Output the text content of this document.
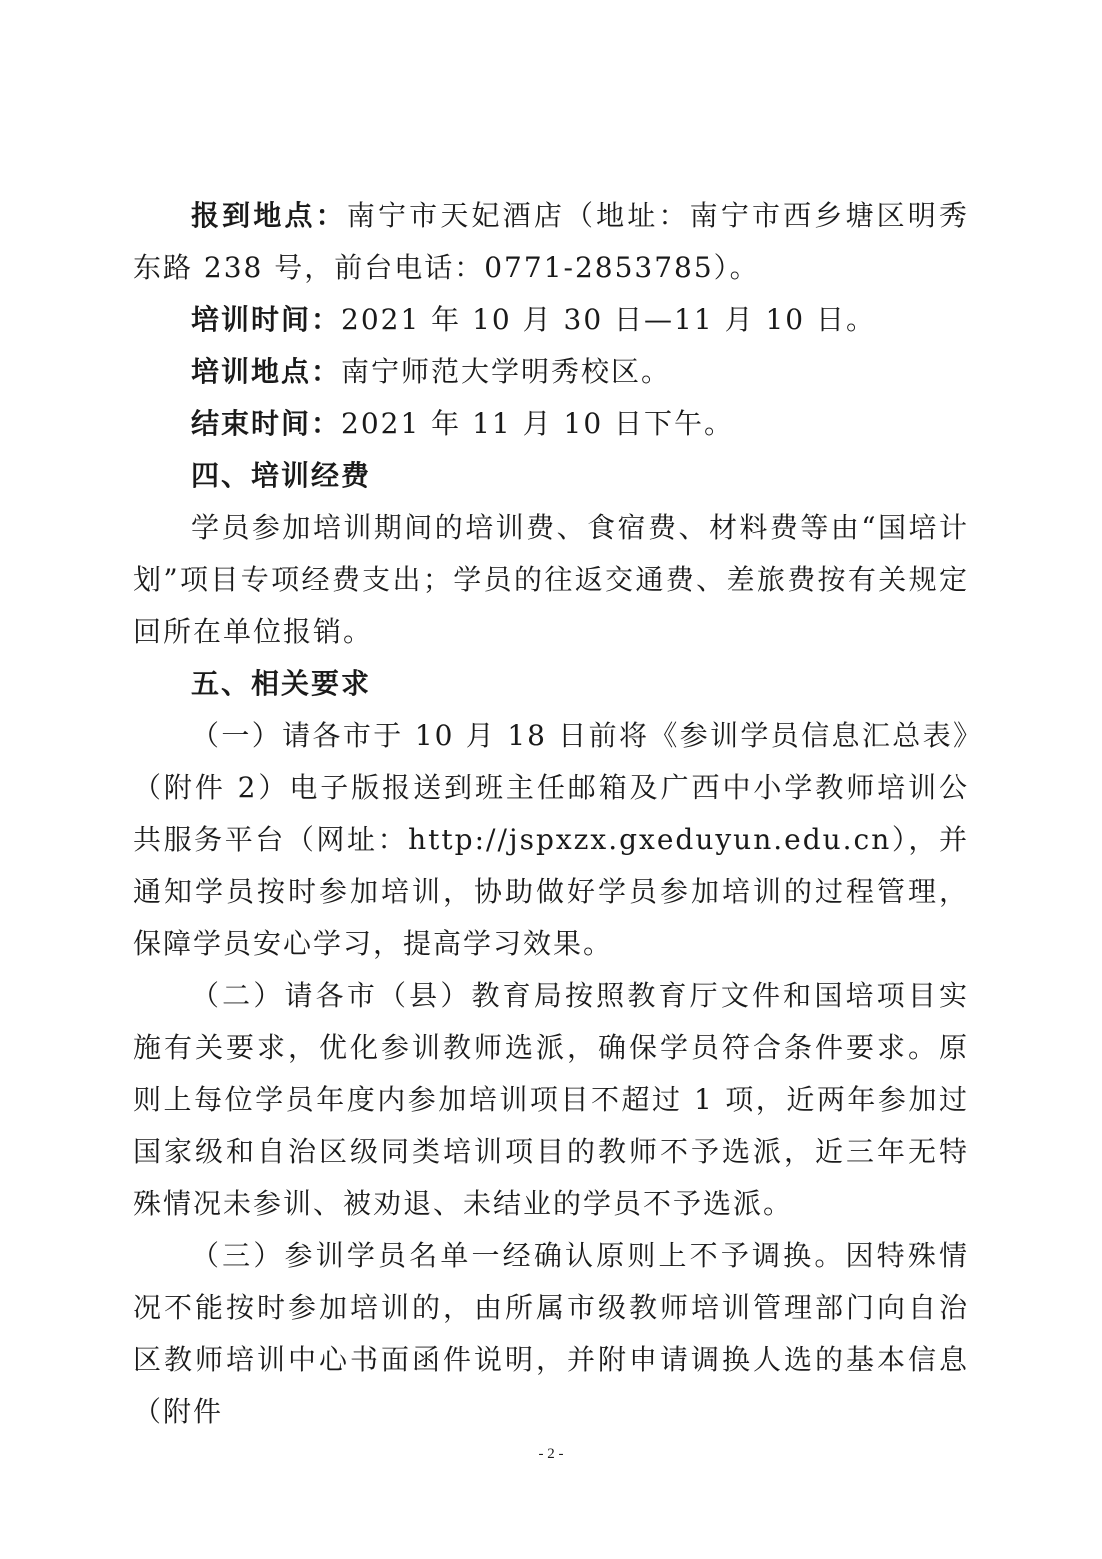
报到地点：南宁市天妃酒店（地址：南宁市西乡塘区明秀东路 238 号，前台电话：0771-2853785）。

培训时间：2021 年 10 月 30 日—11 月 10 日。

培训地点：南宁师范大学明秀校区。

结束时间：2021 年 11 月 10 日下午。

四、培训经费

学员参加培训期间的培训费、食宿费、材料费等由“国培计划”项目专项经费支出；学员的往返交通费、差旅费按有关规定回所在单位报销。

五、相关要求

（一）请各市于 10 月 18 日前将《参训学员信息汇总表》（附件 2）电子版报送到班主任邮箱及广西中小学教师培训公共服务平台（网址：http://jspxzx.gxeduyun.edu.cn），并通知学员按时参加培训，协助做好学员参加培训的过程管理，保障学员安心学习，提高学习效果。

（二）请各市（县）教育局按照教育厅文件和国培项目实施有关要求，优化参训教师选派，确保学员符合条件要求。原则上每位学员年度内参加培训项目不超过 1 项，近两年参加过国家级和自治区级同类培训项目的教师不予选派，近三年无特殊情况未参训、被劝退、未结业的学员不予选派。

（三）参训学员名单一经确认原则上不予调换。因特殊情况不能按时参加培训的，由所属市级教师培训管理部门向自治区教师培训中心书面函件说明，并附申请调换人选的基本信息（附件

- 2 -
